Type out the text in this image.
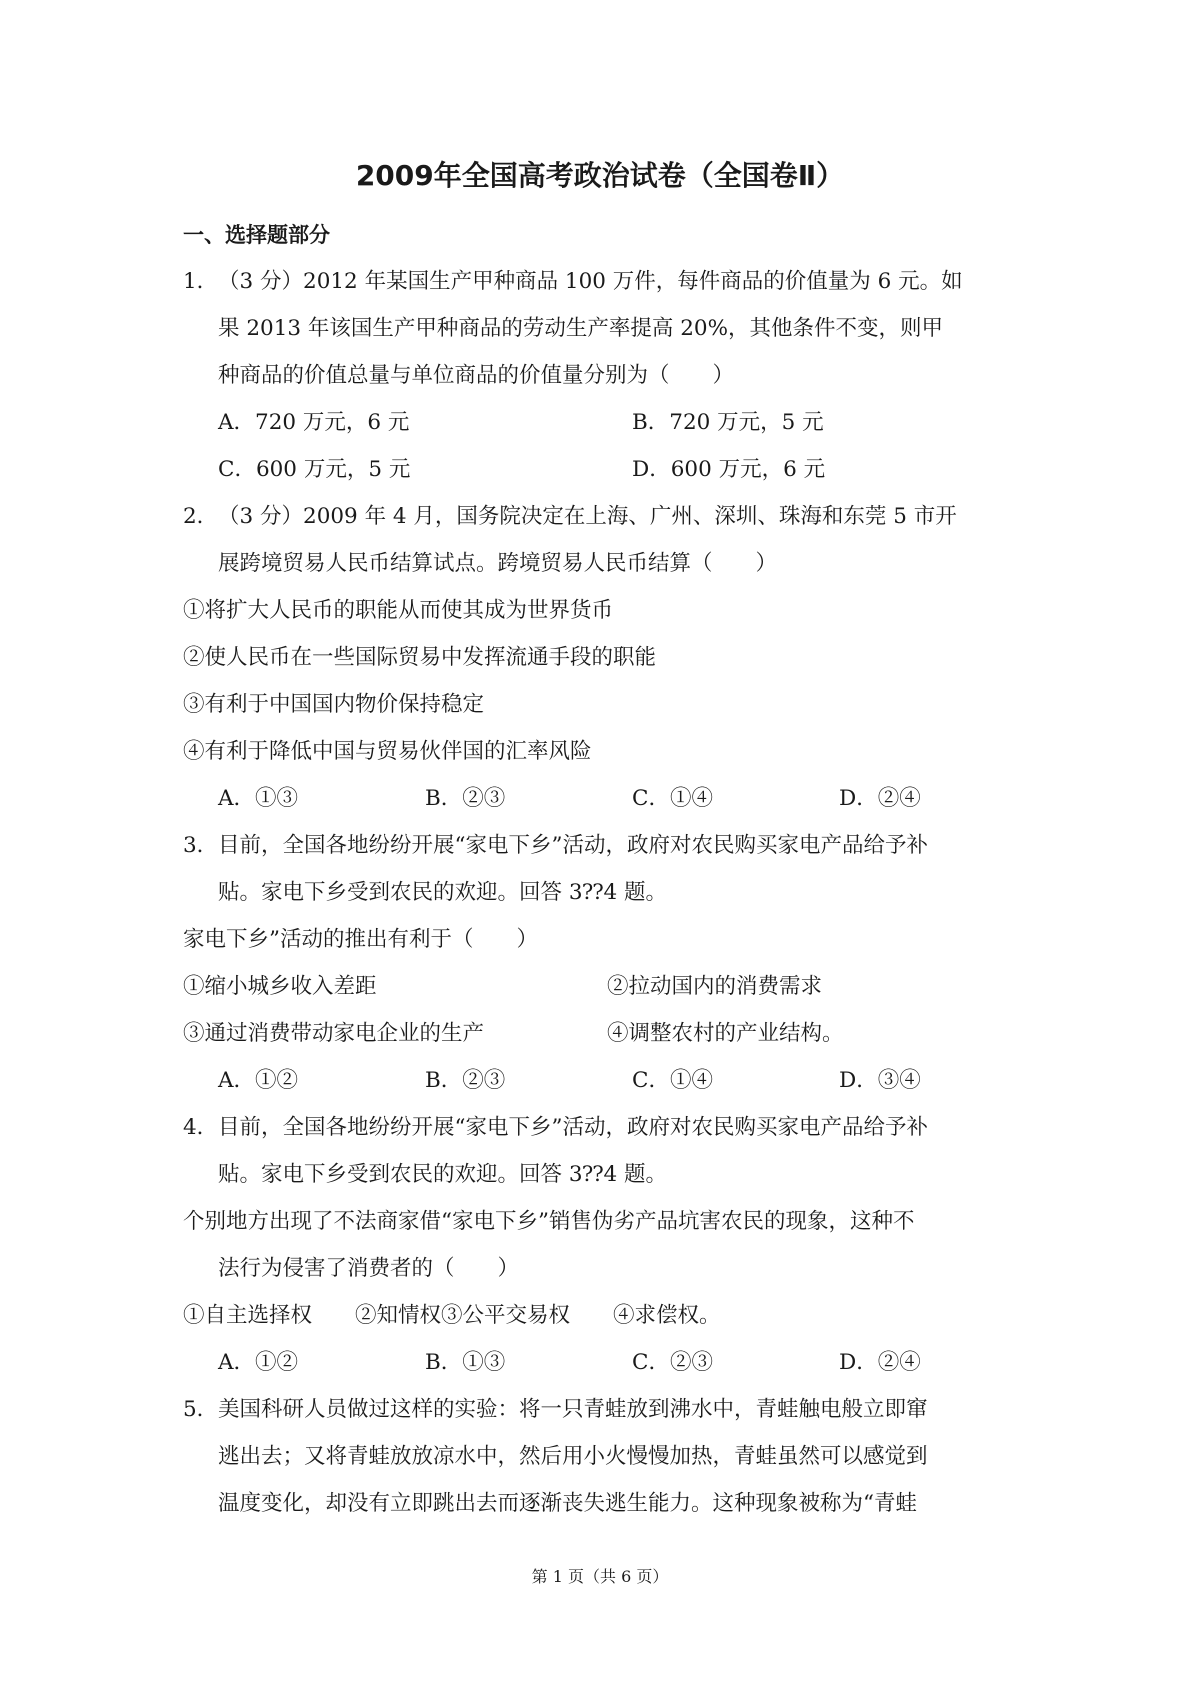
2009年全国高考政治试卷（全国卷Ⅱ）
一、选择题部分
1． （3 分）2012 年某国生产甲种商品 100 万件，每件商品的价值量为 6 元。如
果 2013 年该国生产甲种商品的劳动生产率提高 20%，其他条件不变，则甲
种商品的价值总量与单位商品的价值量分别为（　　）
A．720 万元，6 元	B．720 万元，5 元
C．600 万元，5 元	D．600 万元，6 元
2． （3 分）2009 年 4 月，国务院决定在上海、广州、深圳、珠海和东莞 5 市开
展跨境贸易人民币结算试点。跨境贸易人民币结算（　　）
①将扩大人民币的职能从而使其成为世界货币
②使人民币在一些国际贸易中发挥流通手段的职能
③有利于中国国内物价保持稳定
④有利于降低中国与贸易伙伴国的汇率风险
A．①③	B．②③	C．①④	D．②④
3． 目前，全国各地纷纷开展“家电下乡”活动，政府对农民购买家电产品给予补
贴。家电下乡受到农民的欢迎。回答 3⁇4 题。
家电下乡”活动的推出有利于（　　）
①缩小城乡收入差距	②拉动国内的消费需求
③通过消费带动家电企业的生产	④调整农村的产业结构。
A．①②	B．②③	C．①④	D．③④
4． 目前，全国各地纷纷开展“家电下乡”活动，政府对农民购买家电产品给予补
贴。家电下乡受到农民的欢迎。回答 3⁇4 题。
个别地方出现了不法商家借“家电下乡”销售伪劣产品坑害农民的现象，这种不
法行为侵害了消费者的（　　）
①自主选择权　　②知情权③公平交易权　　④求偿权。
A．①②	B．①③	C．②③	D．②④
5． 美国科研人员做过这样的实验：将一只青蛙放到沸水中，青蛙触电般立即窜
逃出去；又将青蛙放放凉水中，然后用小火慢慢加热，青蛙虽然可以感觉到
温度变化，却没有立即跳出去而逐渐丧失逃生能力。这种现象被称为“青蛙
第 1 页（共 6 页）
